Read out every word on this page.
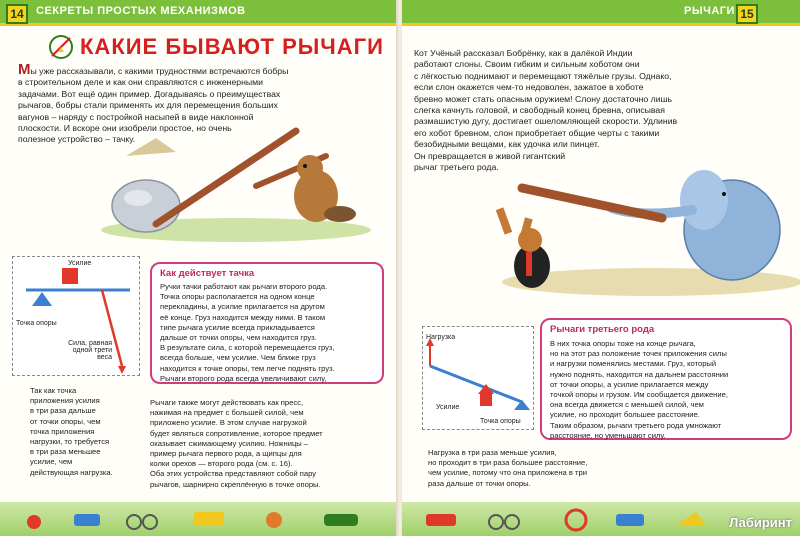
14	СЕКРЕТЫ ПРОСТЫХ МЕХАНИЗМОВ
КАКИЕ БЫВАЮТ РЫЧАГИ
Мы уже рассказывали, с какими трудностями встречаются бобры
в строительном деле и как они справляются с инженерными
задачами. Вот ещё один пример. Догадываясь о преимуществах
рычагов, бобры стали применять их для перемещения больших
вагунов – наряду с постройкой насыпей в виде наклонной
плоскости. И вскоре они изобрели простое, но очень
полезное устройство – тачку.
Усилие
Точка опоры
Сила, равная
одной трети
веса
Как действует тачка
Ручки тачки работают как рычаги второго рода.
Точка опоры располагается на одном конце
перекладины, а усилие прилагается на другом
её конце. Груз находится между ними. В таком
типе рычага усилие всегда прикладывается
дальше от точки опоры, чем находится груз.
В результате сила, с которой перемещается груз,
всегда больше, чем усилие. Чем ближе груз
находится к точке опоры, тем легче поднять груз.
Рычаги второго рода всегда увеличивают силу,
Так как точка
приложения усилия
в три раза дальше
от точки опоры, чем
точка приложения
нагрузки, то требуется
в три раза меньшее
усилие, чем
действующая нагрузка.
Рычаги также могут действовать как пресс,
нажимая на предмет с большей силой, чем
приложено усилие. В этом случае нагрузкой
будет являться сопротивление, которое предмет
оказывает сжимающему усилию. Ножницы –
пример рычага первого рода, а щипцы для
колки орехов — второго рода (см. с. 16).
Оба этих устройства представляют собой пару
рычагов, шарнирно скреплённую в точке опоры.
РЫЧАГИ 15
Кот Учёный рассказал Бобрёнку, как в далёкой Индии
работают слоны. Своим гибким и сильным хоботом они
с лёгкостью поднимают и перемещают тяжёлые грузы. Однако,
если слон окажется чем-то недоволен, зажатое в хоботе
бревно может стать опасным оружием! Слону достаточно лишь
слегка качнуть головой, и свободный конец бревна, описывая
размашистую дугу, достигает ошеломляющей скорости. Удлинив
его хобот бревном, слон приобретает общие черты с такими
безобидными вещами, как удочка или пинцет.
Он превращается в живой гигантский
рычаг третьего рода.
Нагрузка
Усилие
Точка опоры
Рычаги третьего рода
В них точка опоры тоже на конце рычага,
но на этот раз положение точек приложения силы
и нагрузки поменялись местами. Груз, который
нужно поднять, находится на дальнем расстоянии
от точки опоры, а усилие прилагается между
точкой опоры и грузом. Им сообщается движение,
она всегда движется с меньшей силой, чем
усилие, но проходит большее расстояние.
Таким образом, рычаги третьего рода умножают
расстояние, но уменьшают силу.
Нагрузка в три раза меньше усилия,
но проходит в три раза большее расстояние,
чем усилие, потому что она приложена в три
раза дальше от точки опоры.
Лабиринт
